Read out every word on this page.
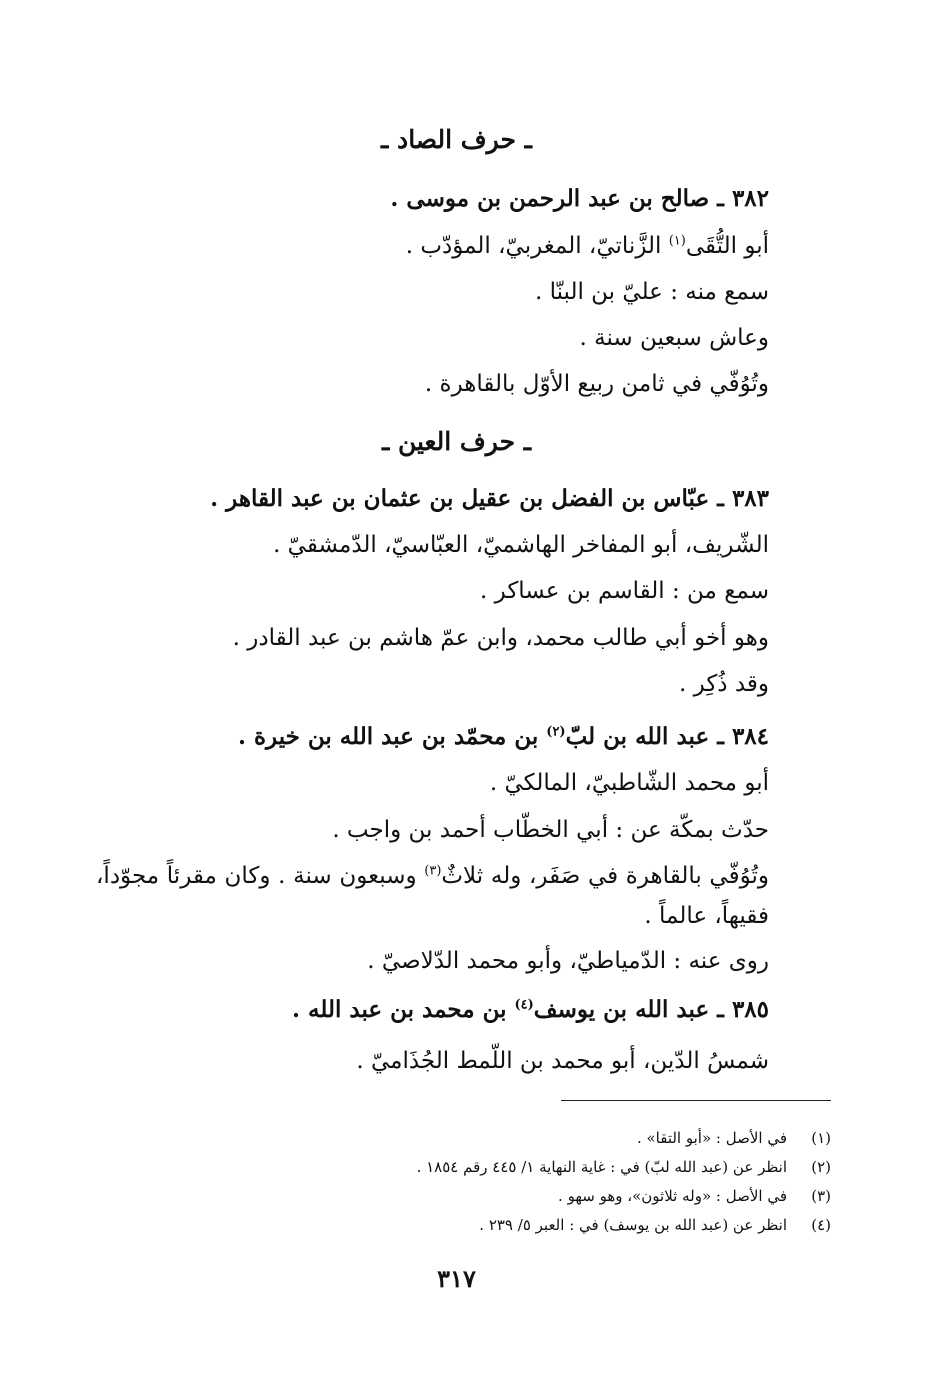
ـ حرف الصاد ـ
٣٨٢ ـ صالح بن عبد الرحمن بن موسى .
أبو التُّقَى$^{(١)}$ الزَّناتيّ، المغربيّ، المؤدّب .
سمع منه : عليّ بن البنّا .
وعاش سبعين سنة .
وتُوُفّي في ثامن ربيع الأوّل بالقاهرة .
ـ حرف العين ـ
٣٨٣ ـ عبّاس بن الفضل بن عقيل بن عثمان بن عبد القاهر .
الشّريف، أبو المفاخر الهاشميّ، العبّاسيّ، الدّمشقيّ .
سمع من : القاسم بن عساكر .
وهو أخو أبي طالب محمد، وابن عمّ هاشم بن عبد القادر .
وقد ذُكِر .
٣٨٤ ـ عبد الله بن لبّ$^{(٢)}$ بن محمّد بن عبد الله بن خيرة .
أبو محمد الشّاطبيّ، المالكيّ .
حدّث بمكّة عن : أبي الخطّاب أحمد بن واجب .
وتُوُفّي بالقاهرة في صَفَر، وله ثلاثٌ$^{(٣)}$ وسبعون سنة . وكان مقرئاً مجوّداً، فقيهاً، عالماً .
روى عنه : الدّمياطيّ، وأبو محمد الدّلاصيّ .
٣٨٥ ـ عبد الله بن يوسف$^{(٤)}$ بن محمد بن عبد الله .
شمسُ الدّين، أبو محمد بن اللّمط الجُذَاميّ .
(١)في الأصل : «أبو التقا» .
(٢)انظر عن (عبد الله لبّ) في : غاية النهاية ١/ ٤٤٥ رقم ١٨٥٤ .
(٣)في الأصل : «وله ثلاثون»، وهو سهو .
(٤)انظر عن (عبد الله بن يوسف) في : العبر ٥/ ٢٣٩ .
٣١٧
